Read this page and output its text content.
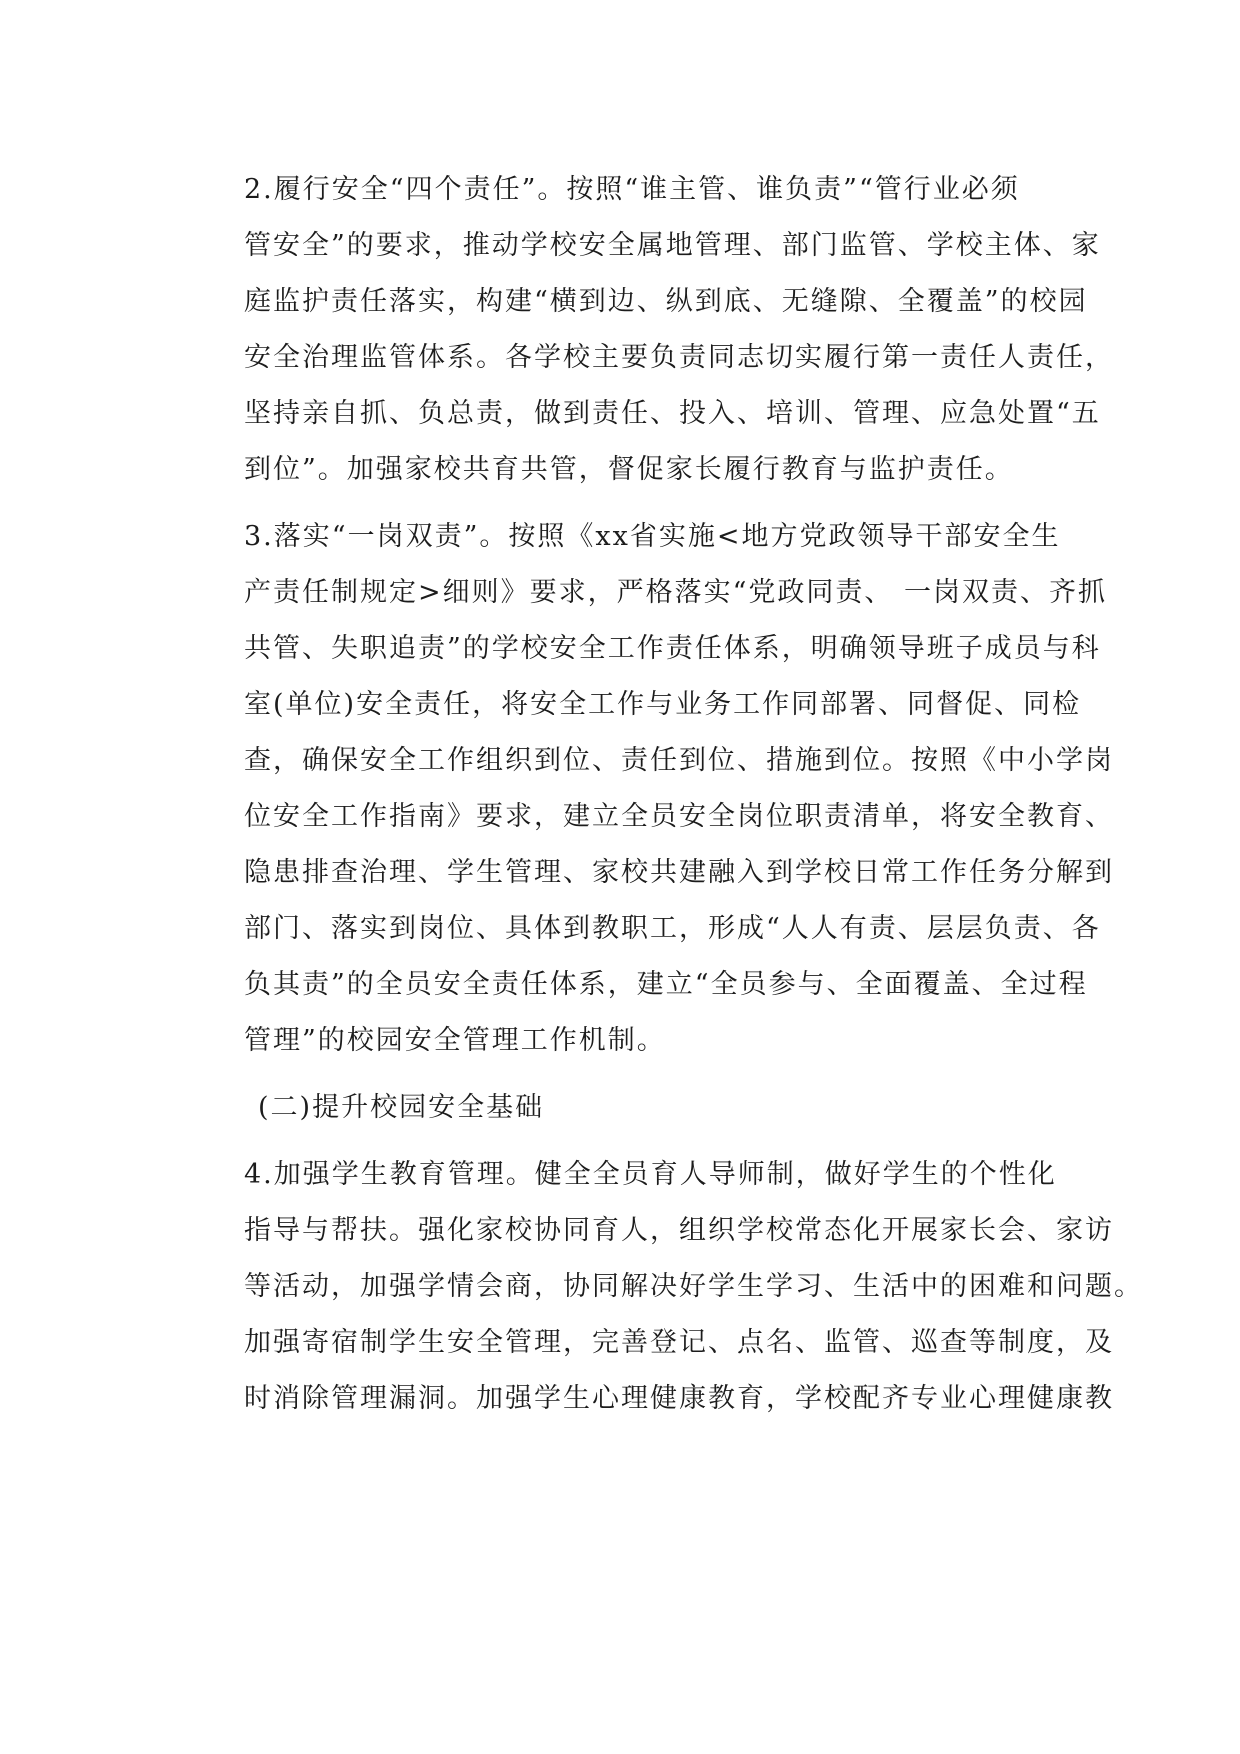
2.履行安全“四个责任”。按照“谁主管、谁负责”“管行业必须
管安全”的要求，推动学校安全属地管理、部门监管、学校主体、家
庭监护责任落实，构建“横到边、纵到底、无缝隙、全覆盖”的校园
安全治理监管体系。各学校主要负责同志切实履行第一责任人责任，
坚持亲自抓、负总责，做到责任、投入、培训、管理、应急处置“五
到位”。加强家校共育共管，督促家长履行教育与监护责任。

3.落实“一岗双责”。按照《xx省实施<地方党政领导干部安全生
产责任制规定>细则》要求，严格落实“党政同责、 一岗双责、齐抓
共管、失职追责”的学校安全工作责任体系，明确领导班子成员与科
室(单位)安全责任，将安全工作与业务工作同部署、同督促、同检
查，确保安全工作组织到位、责任到位、措施到位。按照《中小学岗
位安全工作指南》要求，建立全员安全岗位职责清单，将安全教育、
隐患排查治理、学生管理、家校共建融入到学校日常工作任务分解到
部门、落实到岗位、具体到教职工，形成“人人有责、层层负责、各
负其责”的全员安全责任体系，建立“全员参与、全面覆盖、全过程
管理”的校园安全管理工作机制。

(二)提升校园安全基础

4.加强学生教育管理。健全全员育人导师制，做好学生的个性化
指导与帮扶。强化家校协同育人，组织学校常态化开展家长会、家访
等活动，加强学情会商，协同解决好学生学习、生活中的困难和问题。
加强寄宿制学生安全管理，完善登记、点名、监管、巡查等制度，及
时消除管理漏洞。加强学生心理健康教育，学校配齐专业心理健康教
